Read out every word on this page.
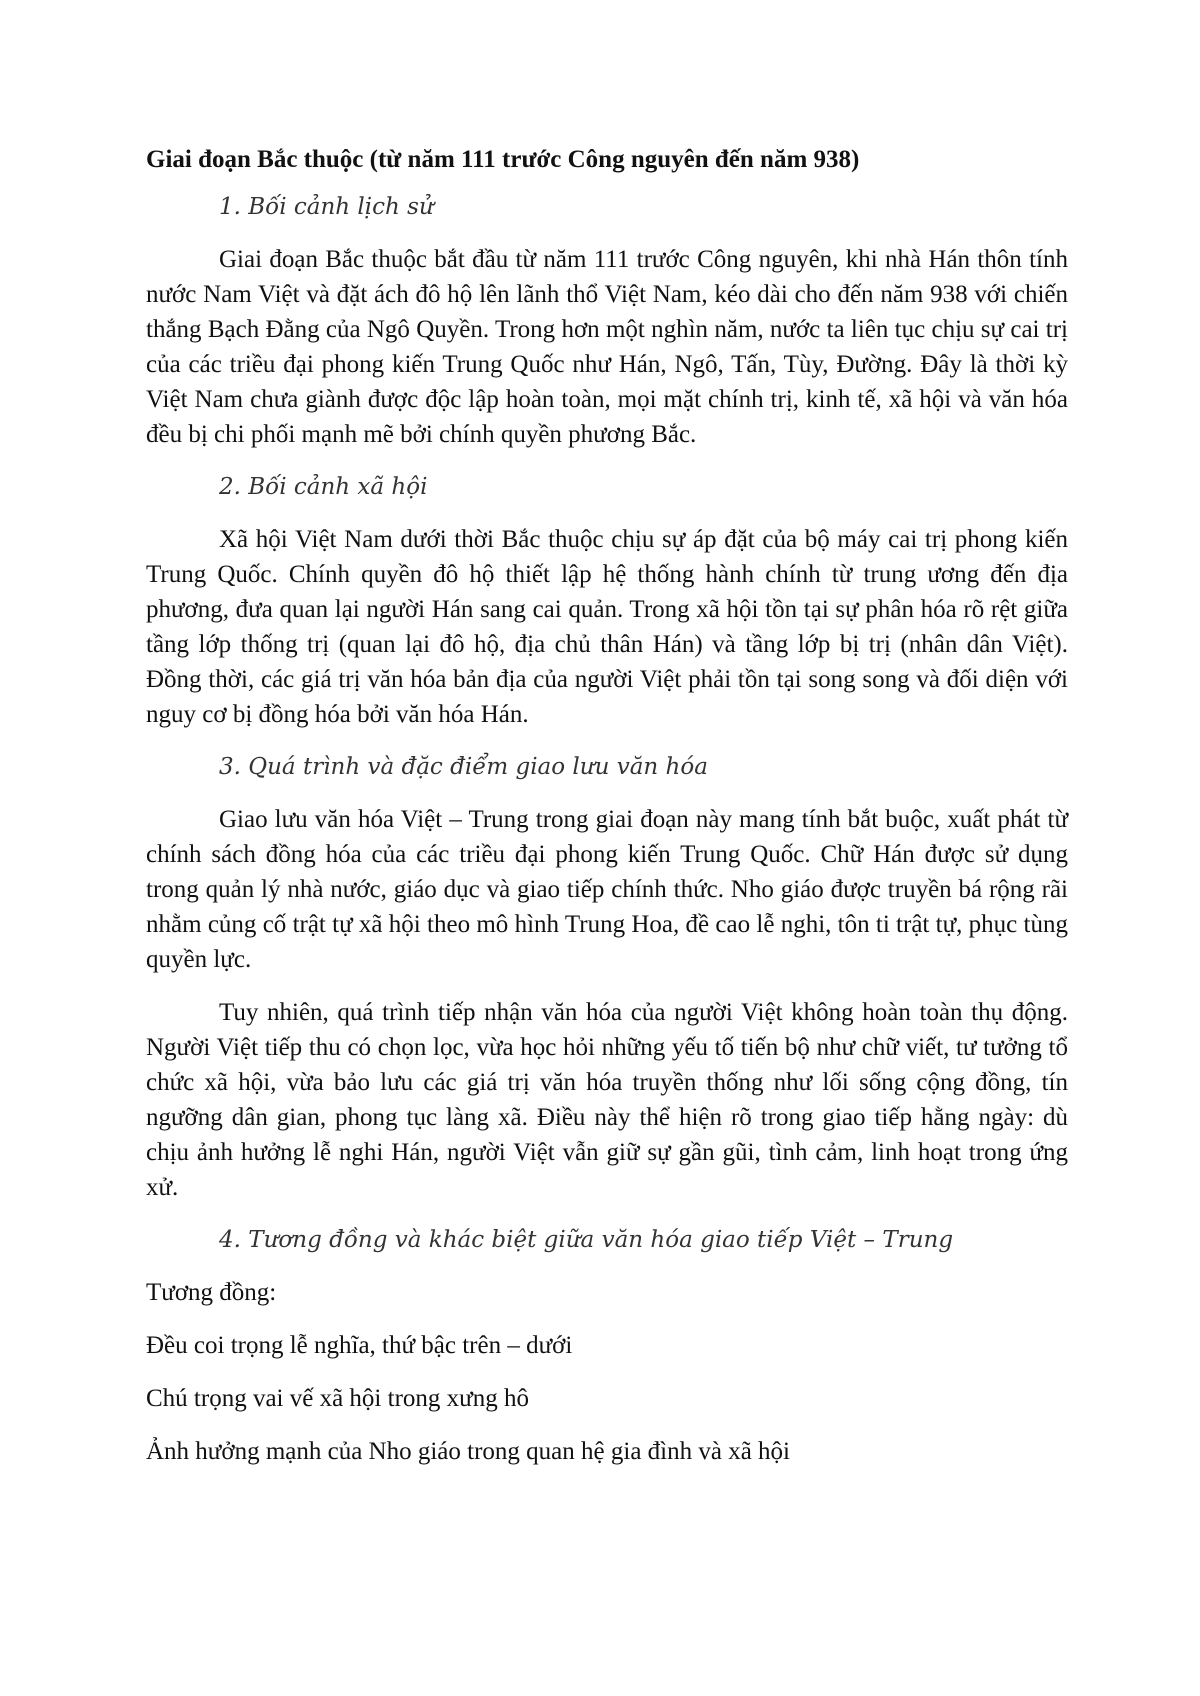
Giai đoạn Bắc thuộc (từ năm 111 trước Công nguyên đến năm 938)

1. Bối cảnh lịch sử

Giai đoạn Bắc thuộc bắt đầu từ năm 111 trước Công nguyên, khi nhà Hán thôn tính nước Nam Việt và đặt ách đô hộ lên lãnh thổ Việt Nam, kéo dài cho đến năm 938 với chiến thắng Bạch Đằng của Ngô Quyền. Trong hơn một nghìn năm, nước ta liên tục chịu sự cai trị của các triều đại phong kiến Trung Quốc như Hán, Ngô, Tấn, Tùy, Đường. Đây là thời kỳ Việt Nam chưa giành được độc lập hoàn toàn, mọi mặt chính trị, kinh tế, xã hội và văn hóa đều bị chi phối mạnh mẽ bởi chính quyền phương Bắc.

2. Bối cảnh xã hội

Xã hội Việt Nam dưới thời Bắc thuộc chịu sự áp đặt của bộ máy cai trị phong kiến Trung Quốc. Chính quyền đô hộ thiết lập hệ thống hành chính từ trung ương đến địa phương, đưa quan lại người Hán sang cai quản. Trong xã hội tồn tại sự phân hóa rõ rệt giữa tầng lớp thống trị (quan lại đô hộ, địa chủ thân Hán) và tầng lớp bị trị (nhân dân Việt). Đồng thời, các giá trị văn hóa bản địa của người Việt phải tồn tại song song và đối diện với nguy cơ bị đồng hóa bởi văn hóa Hán.

3. Quá trình và đặc điểm giao lưu văn hóa

Giao lưu văn hóa Việt – Trung trong giai đoạn này mang tính bắt buộc, xuất phát từ chính sách đồng hóa của các triều đại phong kiến Trung Quốc. Chữ Hán được sử dụng trong quản lý nhà nước, giáo dục và giao tiếp chính thức. Nho giáo được truyền bá rộng rãi nhằm củng cố trật tự xã hội theo mô hình Trung Hoa, đề cao lễ nghi, tôn ti trật tự, phục tùng quyền lực.

Tuy nhiên, quá trình tiếp nhận văn hóa của người Việt không hoàn toàn thụ động. Người Việt tiếp thu có chọn lọc, vừa học hỏi những yếu tố tiến bộ như chữ viết, tư tưởng tổ chức xã hội, vừa bảo lưu các giá trị văn hóa truyền thống như lối sống cộng đồng, tín ngưỡng dân gian, phong tục làng xã. Điều này thể hiện rõ trong giao tiếp hằng ngày: dù chịu ảnh hưởng lễ nghi Hán, người Việt vẫn giữ sự gần gũi, tình cảm, linh hoạt trong ứng xử.

4. Tương đồng và khác biệt giữa văn hóa giao tiếp Việt – Trung

Tương đồng:

Đều coi trọng lễ nghĩa, thứ bậc trên – dưới

Chú trọng vai vế xã hội trong xưng hô

Ảnh hưởng mạnh của Nho giáo trong quan hệ gia đình và xã hội
